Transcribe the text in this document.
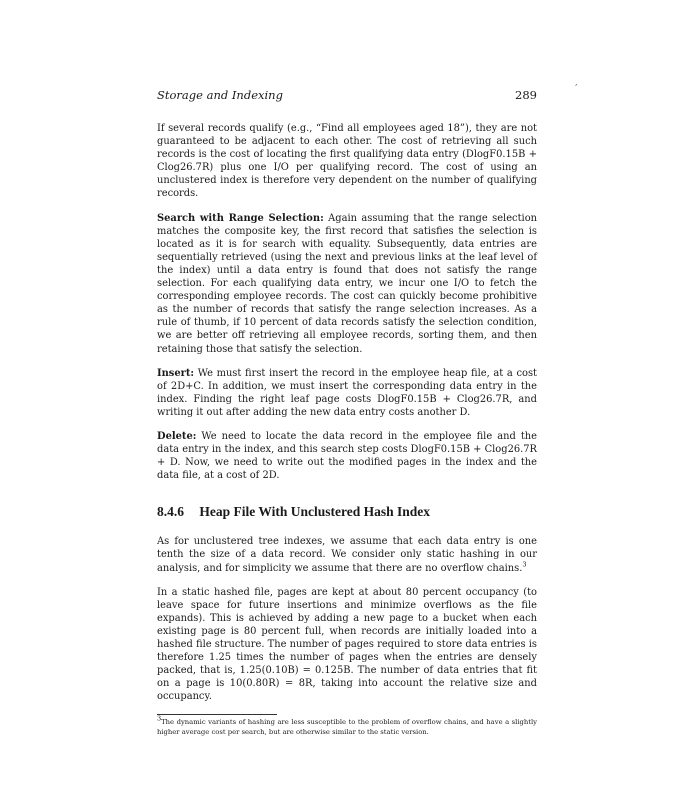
,
Storage and Indexing	289

If several records qualify (e.g., “Find all employees aged 18”), they are not guaranteed to be adjacent to each other. The cost of retrieving all such records is the cost of locating the first qualifying data entry (DlogF0.15B + Clog26.7R) plus one I/O per qualifying record. The cost of using an unclustered index is therefore very dependent on the number of qualifying records.

Search with Range Selection: Again assuming that the range selection matches the composite key, the first record that satisfies the selection is located as it is for search with equality. Subsequently, data entries are sequentially retrieved (using the next and previous links at the leaf level of the index) until a data entry is found that does not satisfy the range selection. For each qualifying data entry, we incur one I/O to fetch the corresponding employee records. The cost can quickly become prohibitive as the number of records that satisfy the range selection increases. As a rule of thumb, if 10 percent of data records satisfy the selection condition, we are better off retrieving all employee records, sorting them, and then retaining those that satisfy the selection.

Insert: We must first insert the record in the employee heap file, at a cost of 2D+C. In addition, we must insert the corresponding data entry in the index. Finding the right leaf page costs DlogF0.15B + Clog26.7R, and writing it out after adding the new data entry costs another D.

Delete: We need to locate the data record in the employee file and the data entry in the index, and this search step costs DlogF0.15B + Clog26.7R + D. Now, we need to write out the modified pages in the index and the data file, at a cost of 2D.

8.4.6 Heap File With Unclustered Hash Index

As for unclustered tree indexes, we assume that each data entry is one tenth the size of a data record. We consider only static hashing in our analysis, and for simplicity we assume that there are no overflow chains.$^3$

In a static hashed file, pages are kept at about 80 percent occupancy (to leave space for future insertions and minimize overflows as the file expands). This is achieved by adding a new page to a bucket when each existing page is 80 percent full, when records are initially loaded into a hashed file structure. The number of pages required to store data entries is therefore 1.25 times the number of pages when the entries are densely packed, that is, 1.25(0.10B) = 0.125B. The number of data entries that fit on a page is 10(0.80R) = 8R, taking into account the relative size and occupancy.

3The dynamic variants of hashing are less susceptible to the problem of overflow chains, and have a slightly higher average cost per search, but are otherwise similar to the static version.
